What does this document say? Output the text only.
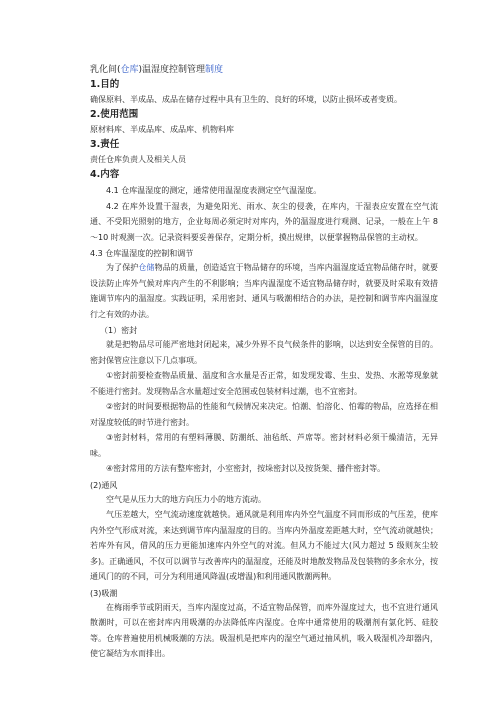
乳化间(仓库)温湿度控制管理制度
1.目的
确保原料、半成品、成品在储存过程中具有卫生的、良好的环境，以防止损坏或者变质。
2.使用范围
原材料库、半成品库、成品库、机物料库
3.责任
责任仓库负责人及相关人员
4.内容

4.1 仓库温湿度的测定，通常使用温湿度表测定空气温湿度。

4.2 在库外设置干湿表，为避免阳光、雨水、灰尘的侵袭，在库内，干湿表应安置在空气流通、不受阳光照射的地方，企业每周必须定时对库内，外的温湿度进行观测、记录，一般在上午 8～10 时观测一次。记录资料要妥善保存，定期分析，摸出规律，以便掌握物品保管的主动权。

4.3 仓库温湿度的控制和调节

为了保护仓储物品的质量，创造适宜于物品储存的环境，当库内温湿度适宜物品储存时，就要设法防止库外气候对库内产生的不利影响；当库内温湿度不适宜物品储存时，就要及时采取有效措施调节库内的温湿度。实践证明，采用密封、通风与吸潮相结合的办法，是控制和调节库内温湿度行之有效的办法。

（1）密封

就是把物品尽可能严密地封闭起来，减少外界不良气候条件的影响，以达到安全保管的目的。密封保管应注意以下几点事项。

①密封前要检查物品质量、温度和含水量是否正常，如发现发霉、生虫、发热、水淞等现象就不能进行密封。发现物品含水量超过安全范围或包装材料过潮，也不宜密封。

②密封的时间要根据物品的性能和气候情况来决定。怕潮、怕溶化、怕霉的物品，应选择在相对湿度较低的时节进行密封。

③密封材料，常用的有塑料薄膜、防潮纸、油毡纸、芦席等。密封材料必须干燥清洁，无异味。

④密封常用的方法有整库密封，小室密封，按垛密封以及按货架、播件密封等。

(2)通风

空气是从压力大的地方向压力小的地方流动。

气压差越大，空气流动速度就越快。通风就是利用库内外空气温度不同而形成的气压差，使库内外空气形成对流，来达到调节库内温湿度的目的。当库内外温度差距越大时，空气流动就越快；若库外有风，借风的压力更能加速库内外空气的对流。但风力不能过大(风力超过 5 级则灰尘较多)。正确通风，不仅可以调节与改善库内的温湿度，还能及时地散发物品及包装物的多余水分，按通风门的的不同，可分为利用通风降温(或增温)和利用通风散潮两种。

(3)吸潮

在梅雨季节或阴雨天，当库内湿度过高，不适宜物品保管，而库外湿度过大，也不宜进行通风散潮时，可以在密封库内用吸潮的办法降低库内湿度。仓库中通常使用的吸潮剂有氯化钙、硅胶等。仓库普遍使用机械吸潮的方法。吸湿机是把库内的湿空气通过抽风机，吸入吸湿机冷却器内，使它凝结为水而排出。
